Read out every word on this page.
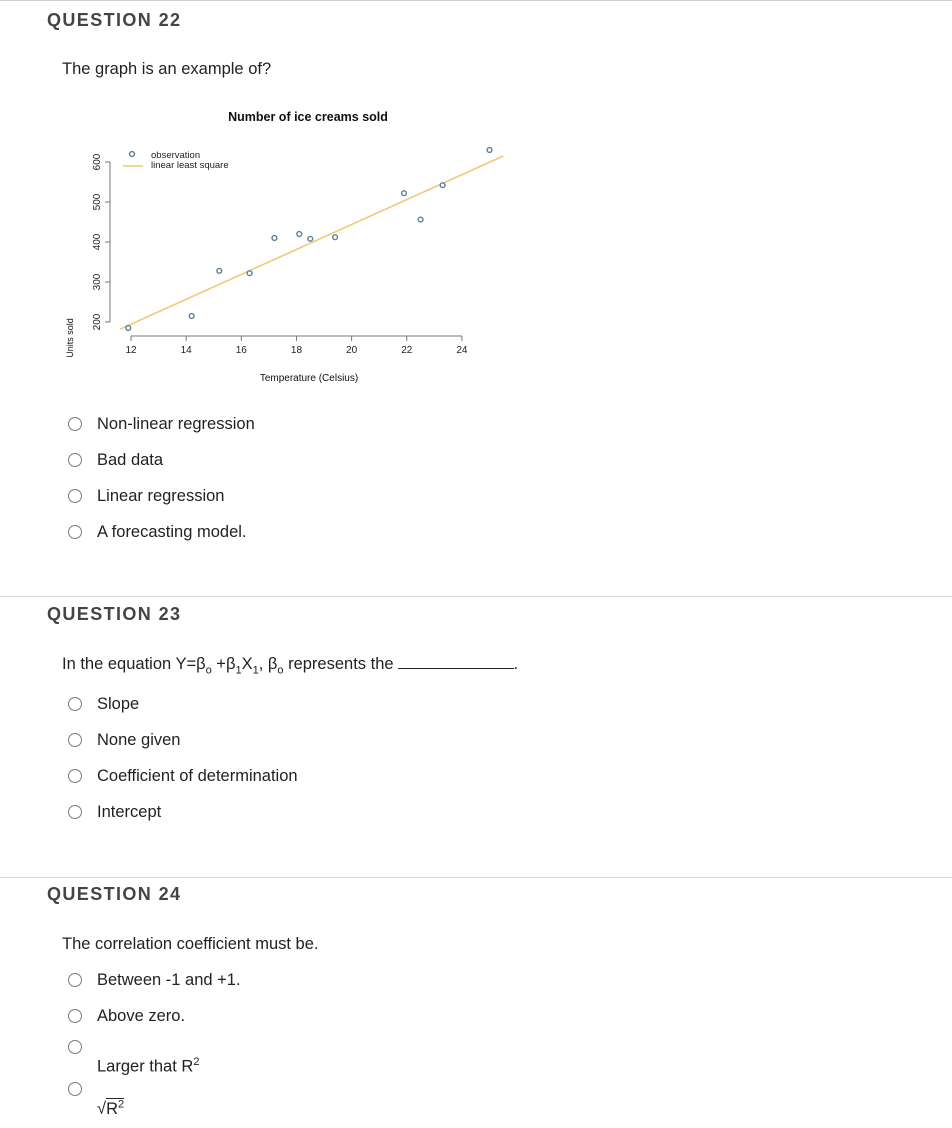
QUESTION 22
The graph is an example of?
Number of ice creams sold
Units sold
Temperature (Celsius)
200
300
400
500
600
12	14	16	18	20	22	24
observation
linear least square
Non-linear regression
Bad data
Linear regression
A forecasting model.
QUESTION 23
In the equation $Y=\beta_o +\beta_1X_1$, $\beta_o$ represents the	.
Slope
None given
Coefficient of determination
Intercept
QUESTION 24
The correlation coefficient must be.
Between -1 and +1.
Above zero.
Larger that $R^2$
$√R^2$
